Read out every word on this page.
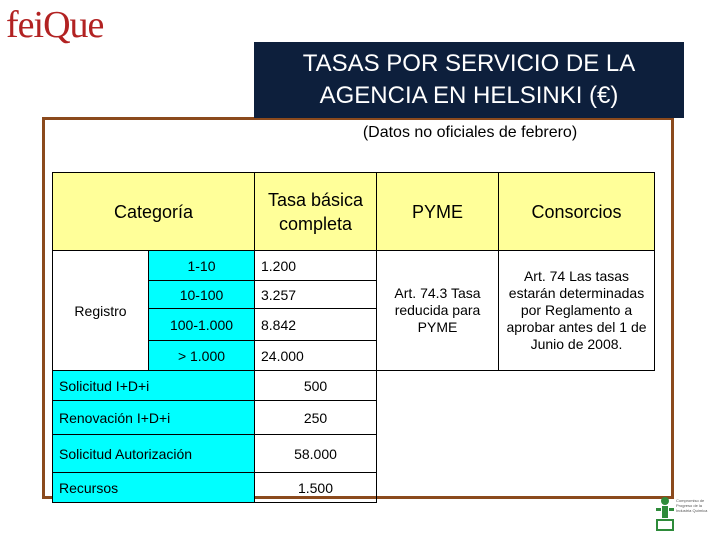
feiQue
TASAS POR SERVICIO DE LA AGENCIA EN HELSINKI (€)
(Datos no oficiales de febrero)
Categoría		Tasa básica completa	PYME	Consorcios
Registro	1-10	1.200	Art. 74.3 Tasa reducida para PYME	Art. 74 Las tasas estarán determinadas por Reglamento a aprobar antes del 1 de Junio de 2008.
	10-100	3.257		
	100-1.000	8.842		
	> 1.000	24.000		
Solicitud I+D+i		500		
Renovación I+D+i		250		
Solicitud Autorización		58.000		
Recursos		1.500		
Compromiso de Progreso de la Industria Química
